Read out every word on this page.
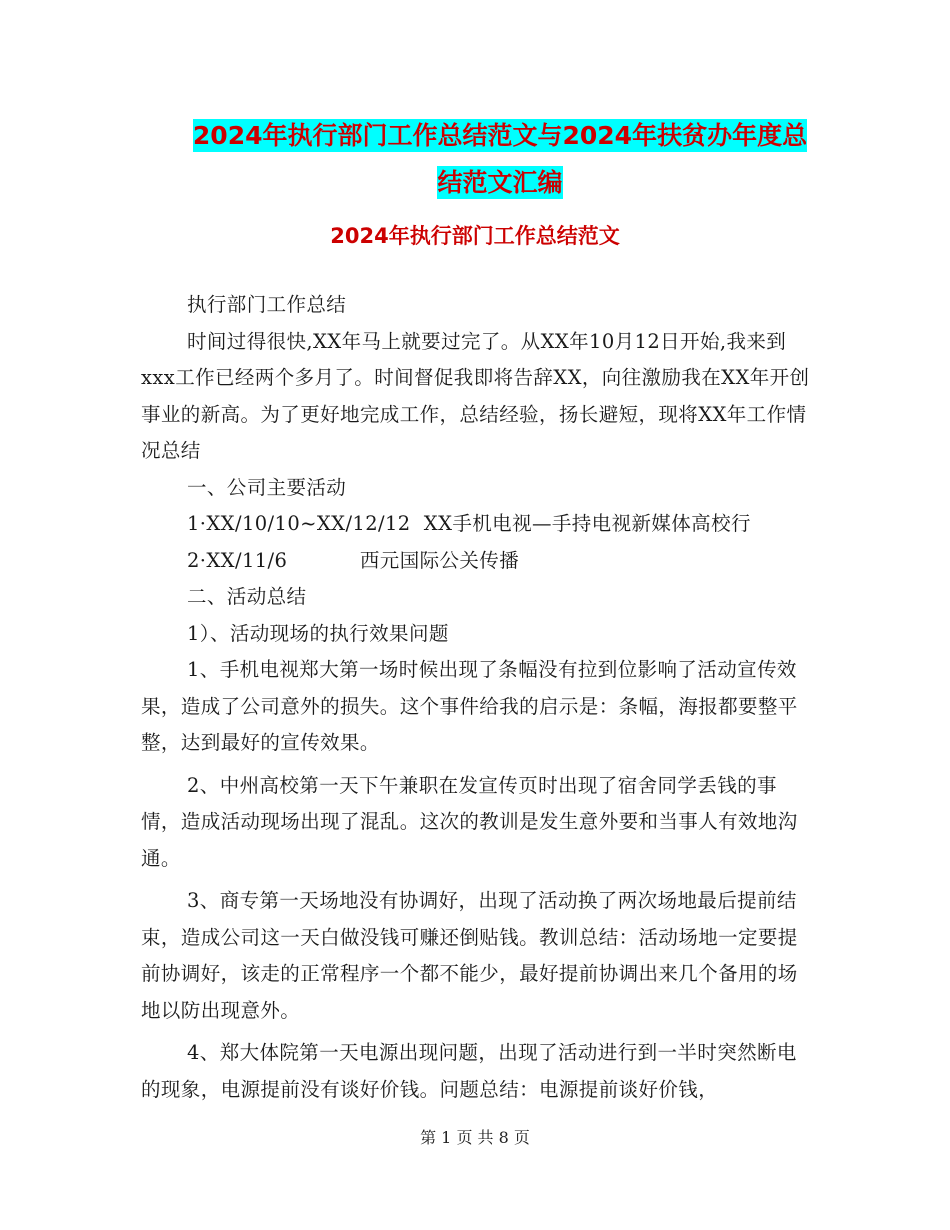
2024年执行部门工作总结范文与2024年扶贫办年度总
结范文汇编
2024年执行部门工作总结范文

执行部门工作总结

时间过得很快,XX年马上就要过完了。从XX年10月12日开始,我来到xxx工作已经两个多月了。时间督促我即将告辞XX，向往激励我在XX年开创事业的新高。为了更好地完成工作，总结经验，扬长避短，现将XX年工作情况总结

一、公司主要活动

1·XX/10/10~XX/12/12  XX手机电视—手持电视新媒体高校行

2·XX/11/6           西元国际公关传播

二、活动总结

1）、活动现场的执行效果问题

1、手机电视郑大第一场时候出现了条幅没有拉到位影响了活动宣传效果，造成了公司意外的损失。这个事件给我的启示是：条幅，海报都要整平整，达到最好的宣传效果。

2、中州高校第一天下午兼职在发宣传页时出现了宿舍同学丢钱的事情，造成活动现场出现了混乱。这次的教训是发生意外要和当事人有效地沟通。

3、商专第一天场地没有协调好，出现了活动换了两次场地最后提前结束，造成公司这一天白做没钱可赚还倒贴钱。教训总结：活动场地一定要提前协调好，该走的正常程序一个都不能少，最好提前协调出来几个备用的场地以防出现意外。

4、郑大体院第一天电源出现问题，出现了活动进行到一半时突然断电的现象，电源提前没有谈好价钱。问题总结：电源提前谈好价钱，

第 1 页 共 8 页
